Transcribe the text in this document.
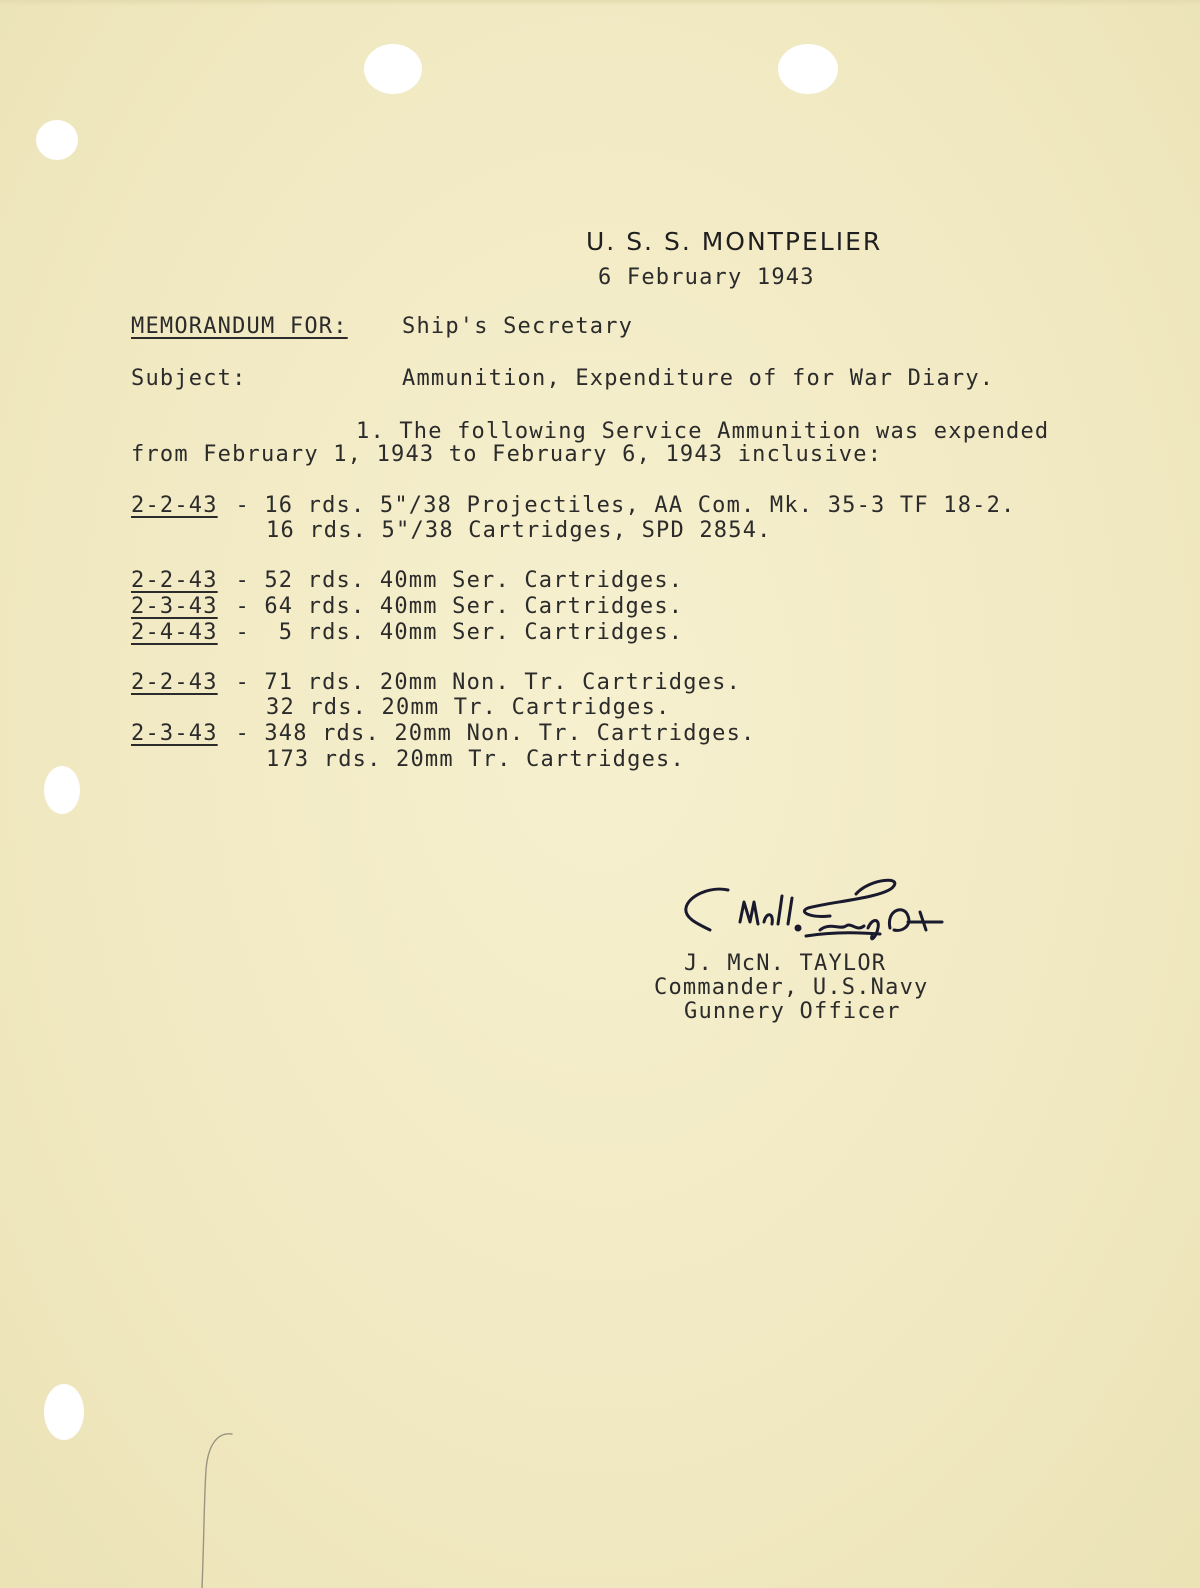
U. S. S. MONTPELIER
6 February 1943
MEMORANDUM FOR: Ship's Secretary
Subject:	Ammunition, Expenditure of for War Diary.
1. The following Service Ammunition was expended
from February 1, 1943 to February 6, 1943 inclusive:
2-2-43 - 16 rds. 5"/38 Projectiles, AA Com. Mk. 35-3 TF 18-2.
16 rds. 5"/38 Cartridges, SPD 2854.
2-2-43 - 52 rds. 40mm Ser. Cartridges.
2-3-43 - 64 rds. 40mm Ser. Cartridges.
2-4-43 -  5 rds. 40mm Ser. Cartridges.
2-2-43 - 71 rds. 20mm Non. Tr. Cartridges.
32 rds. 20mm Tr. Cartridges.
2-3-43 - 348 rds. 20mm Non. Tr. Cartridges.
173 rds. 20mm Tr. Cartridges.
J. McN. TAYLOR
Commander, U.S.Navy
Gunnery Officer
